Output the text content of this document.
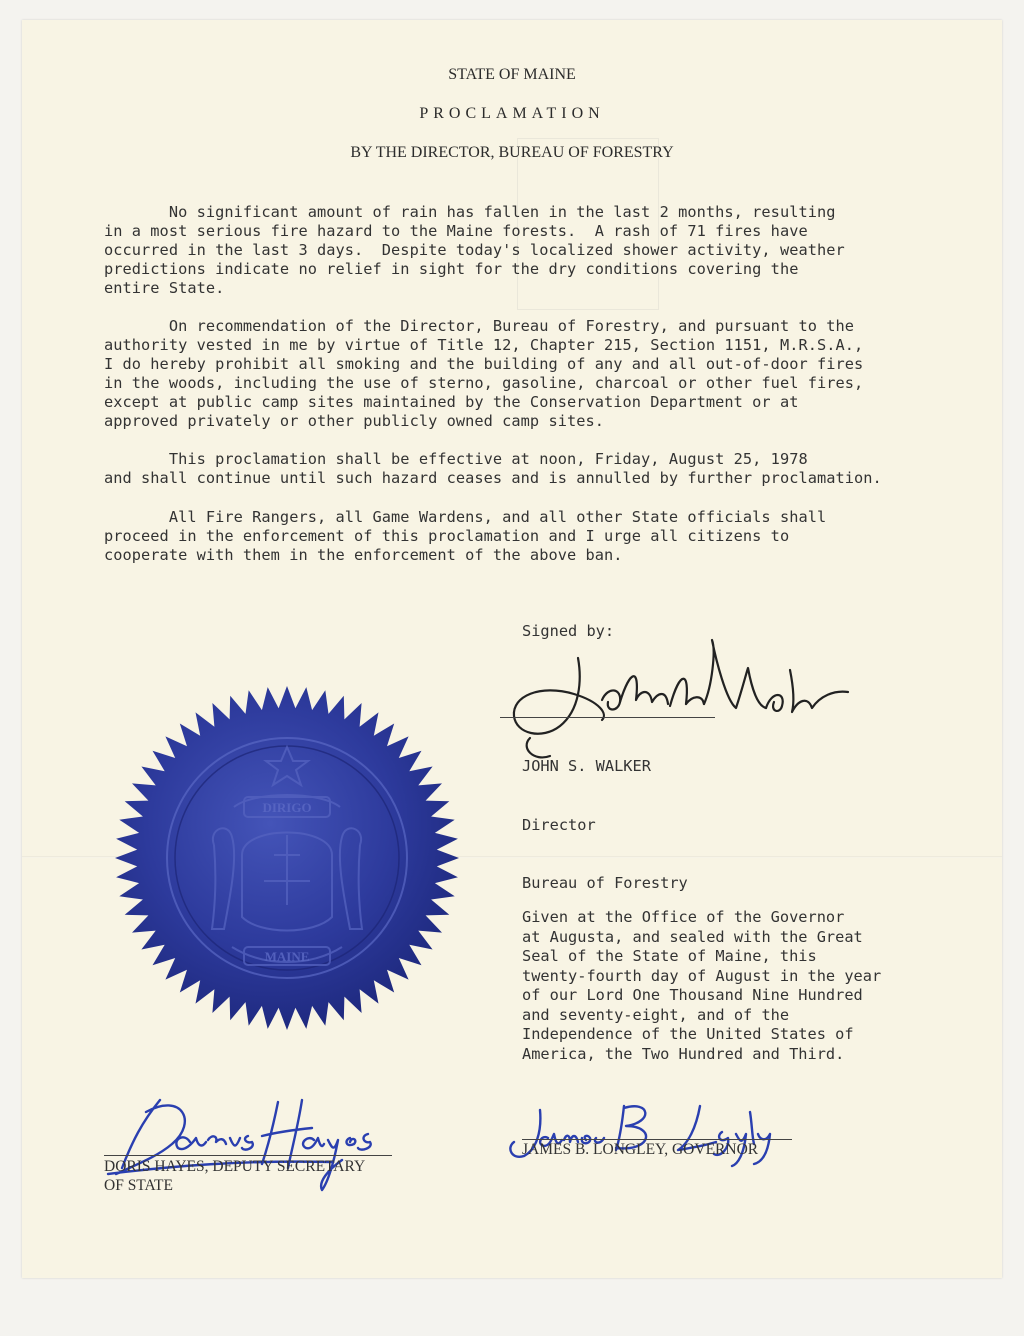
STATE OF MAINE
PROCLAMATION
BY THE DIRECTOR, BUREAU OF FORESTRY

No significant amount of rain has fallen in the last 2 months, resulting
in a most serious fire hazard to the Maine forests.  A rash of 71 fires have
occurred in the last 3 days.  Despite today's localized shower activity, weather
predictions indicate no relief in sight for the dry conditions covering the
entire State.

On recommendation of the Director, Bureau of Forestry, and pursuant to the
authority vested in me by virtue of Title 12, Chapter 215, Section 1151, M.R.S.A.,
I do hereby prohibit all smoking and the building of any and all out-of-door fires
in the woods, including the use of sterno, gasoline, charcoal or other fuel fires,
except at public camp sites maintained by the Conservation Department or at
approved privately or other publicly owned camp sites.

This proclamation shall be effective at noon, Friday, August 25, 1978
and shall continue until such hazard ceases and is annulled by further proclamation.

All Fire Rangers, all Game Wardens, and all other State officials shall
proceed in the enforcement of this proclamation and I urge all citizens to
cooperate with them in the enforcement of the above ban.

Signed by:

JOHN S. WALKER

Director

Bureau of Forestry

Given at the Office of the Governor
at Augusta, and sealed with the Great
Seal of the State of Maine, this
twenty-fourth day of August in the year
of our Lord One Thousand Nine Hundred
and seventy-eight, and of the
Independence of the United States of
America, the Two Hundred and Third.
DIRIGO
MAINE
DORIS HAYES, DEPUTY SECRETARY
OF STATE
JAMES B. LONGLEY, GOVERNOR
